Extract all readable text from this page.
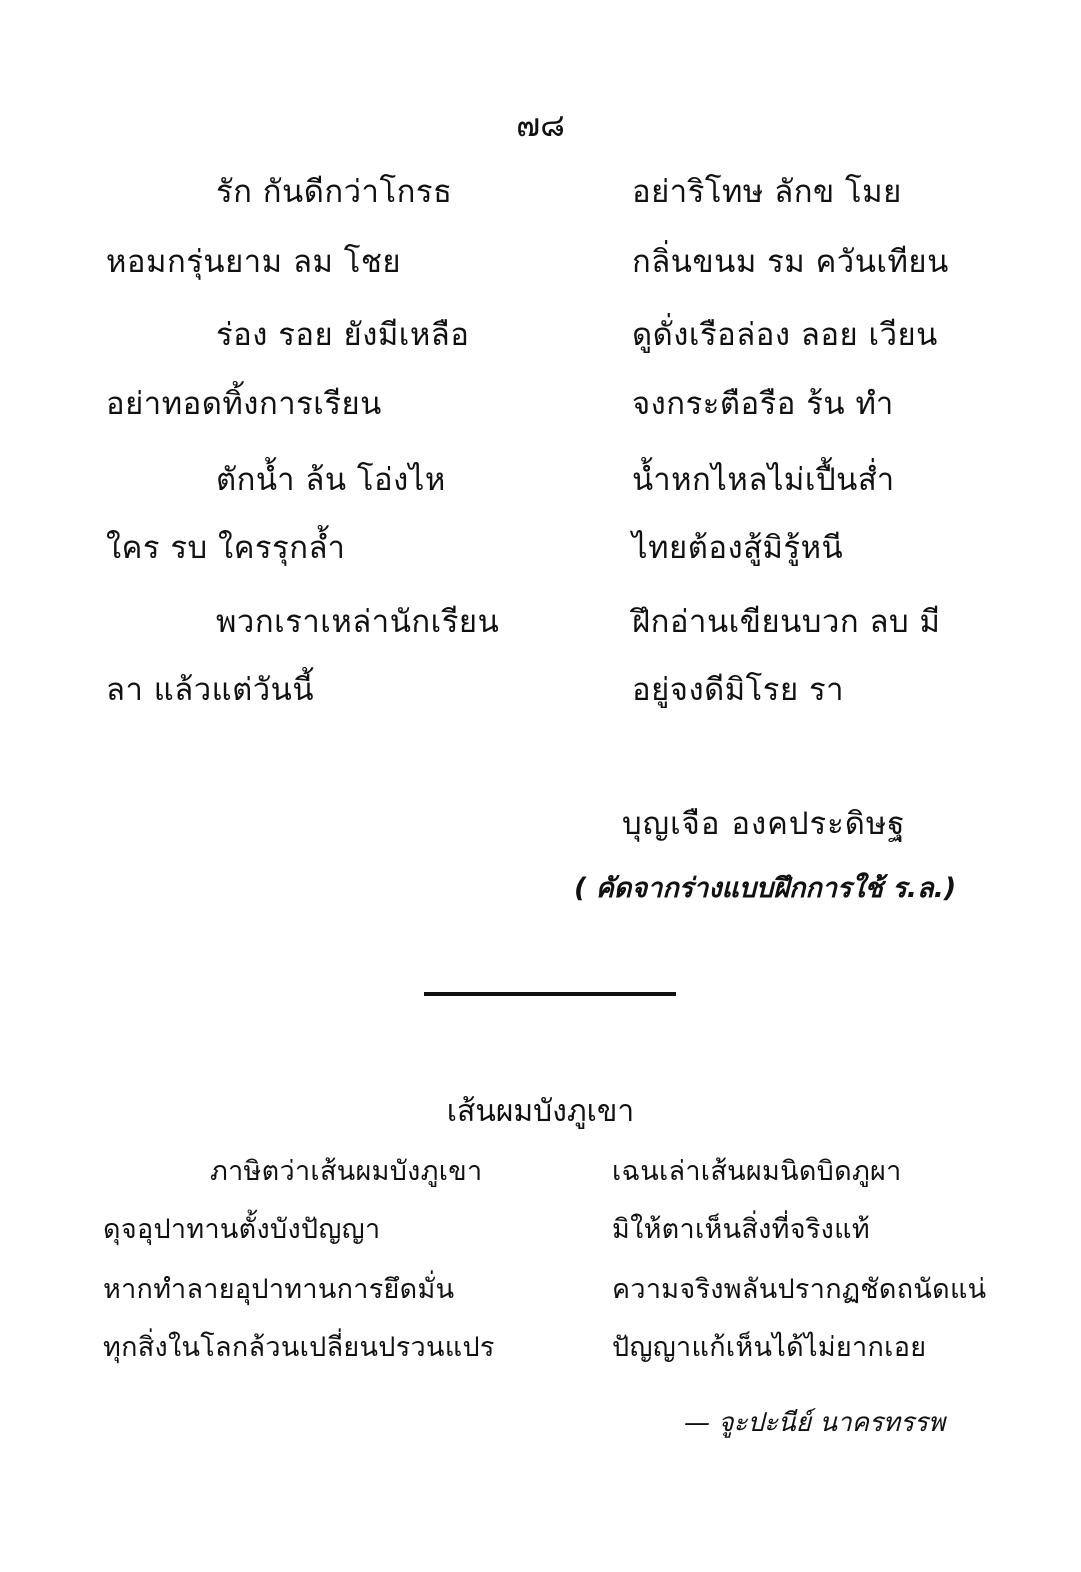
๗๘
รัก กันดีกว่าโกรธ	อย่าริโทษ ลักข โมย
หอมกรุ่นยาม ลม โชย	กลิ่นขนม รม ควันเทียน
ร่อง รอย ยังมีเหลือ	ดูดั่งเรือล่อง ลอย เวียน
อย่าทอดทิ้งการเรียน	จงกระตือรือ ร้น ทำ
ตักน้ำ ล้น โอ่งไห	น้ำหกไหลไม่เปื้นส่ำ
ใคร รบ ใครรุกล้ำ	ไทยต้องสู้มิรู้หนี
พวกเราเหล่านักเรียน	ฝึกอ่านเขียนบวก ลบ มี
ลา แล้วแต่วันนี้	อยู่จงดีมิโรย รา
บุญเจือ องคประดิษฐ
( คัดจากร่างแบบฝึกการใช้ ร.ล.)
เส้นผมบังภูเขา
ภาษิตว่าเส้นผมบังภูเขา	เฉนเล่าเส้นผมนิดบิดภูผา
ดุจอุปาทานตั้งบังปัญญา	มิให้ตาเห็นสิ่งที่จริงแท้
หากทำลายอุปาทานการยึดมั่น	ความจริงพลันปรากฏชัดถนัดแน่
ทุกสิ่งในโลกล้วนเปลี่ยนปรวนแปร	ปัญญาแก้เห็นได้ไม่ยากเอย
— จูะปะนีย์ นาครทรรพ
